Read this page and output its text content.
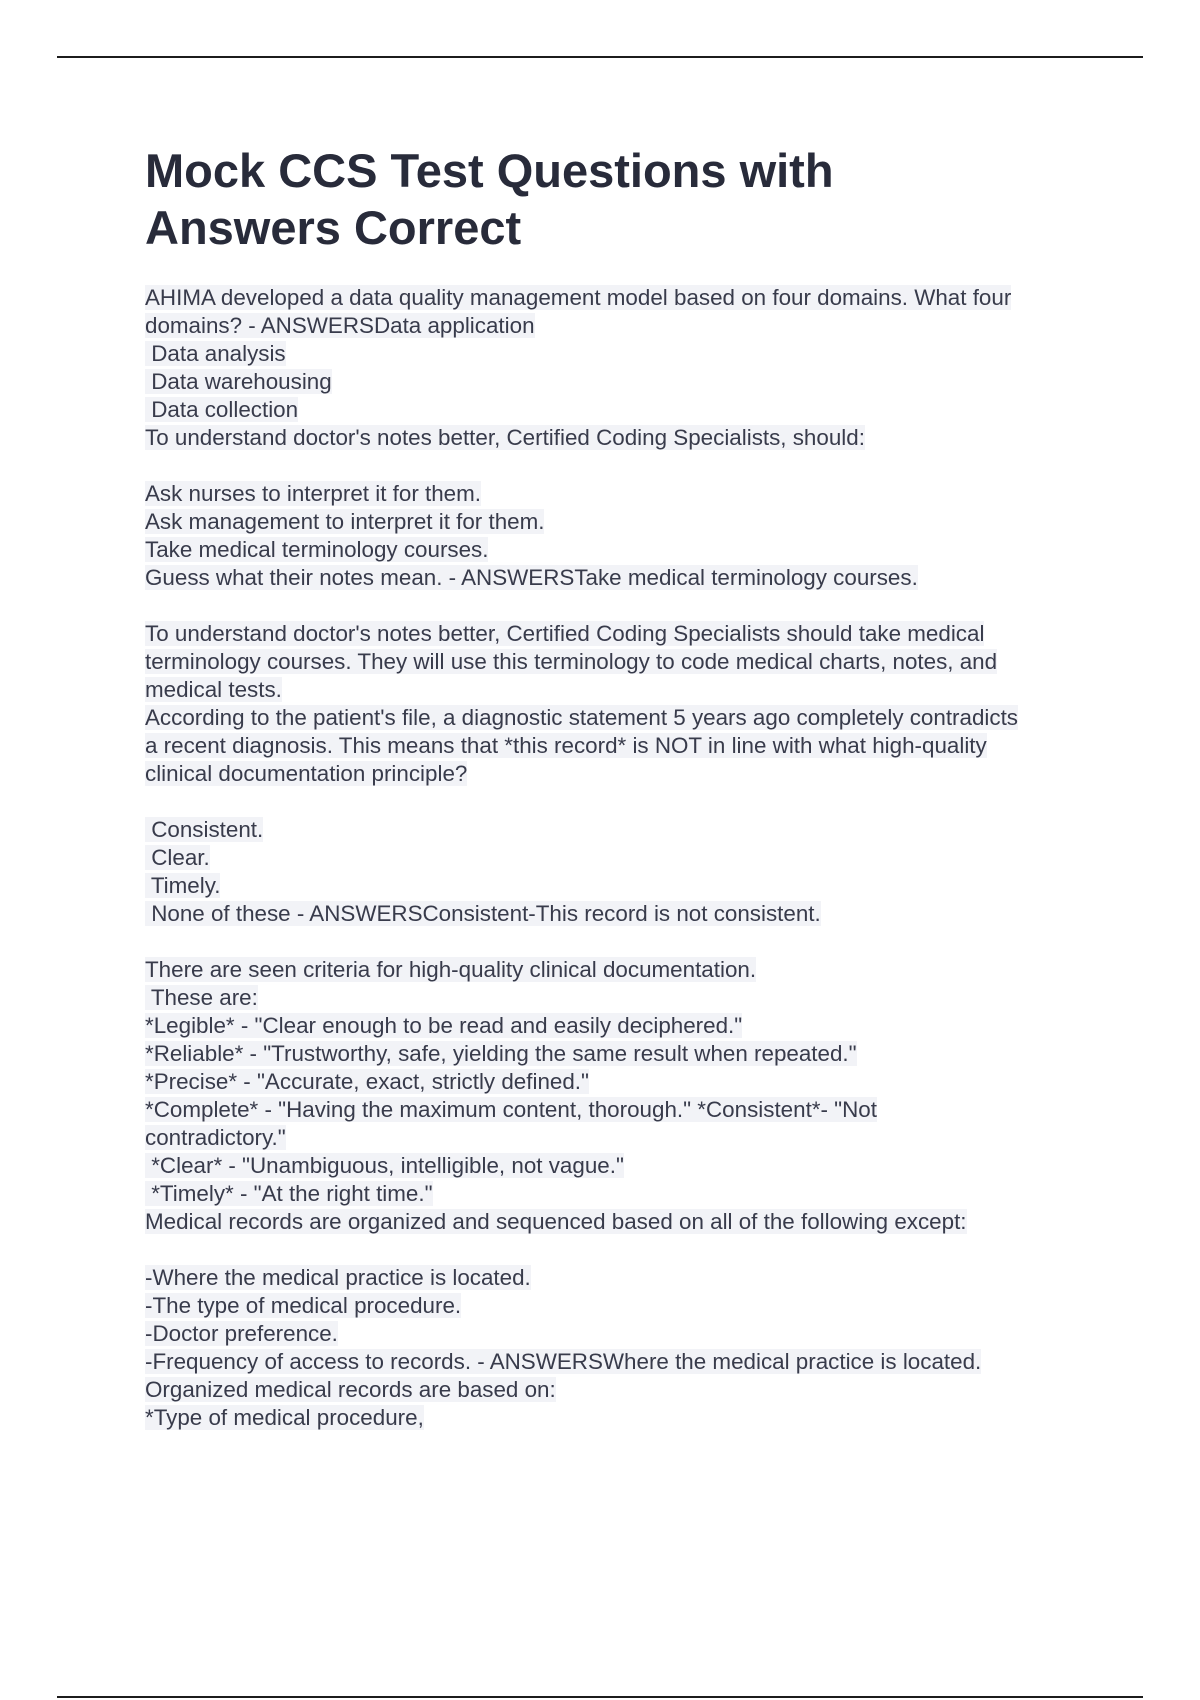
Mock CCS Test Questions with
Answers Correct
AHIMA developed a data quality management model based on four domains. What four
domains? - ANSWERSData application
Data analysis
Data warehousing
Data collection
To understand doctor's notes better, Certified Coding Specialists, should:
Ask nurses to interpret it for them.
Ask management to interpret it for them.
Take medical terminology courses.
Guess what their notes mean. - ANSWERSTake medical terminology courses.
To understand doctor's notes better, Certified Coding Specialists should take medical
terminology courses. They will use this terminology to code medical charts, notes, and
medical tests.
According to the patient's file, a diagnostic statement 5 years ago completely contradicts
a recent diagnosis. This means that *this record* is NOT in line with what high-quality
clinical documentation principle?
Consistent.
Clear.
Timely.
None of these - ANSWERSConsistent-This record is not consistent.
There are seen criteria for high-quality clinical documentation.
These are:
*Legible* - "Clear enough to be read and easily deciphered."
*Reliable* - "Trustworthy, safe, yielding the same result when repeated."
*Precise* - "Accurate, exact, strictly defined."
*Complete* - "Having the maximum content, thorough." *Consistent*- "Not
contradictory."
*Clear* - "Unambiguous, intelligible, not vague."
*Timely* - "At the right time."
Medical records are organized and sequenced based on all of the following except:
-Where the medical practice is located.
-The type of medical procedure.
-Doctor preference.
-Frequency of access to records. - ANSWERSWhere the medical practice is located.
Organized medical records are based on:
*Type of medical procedure,
